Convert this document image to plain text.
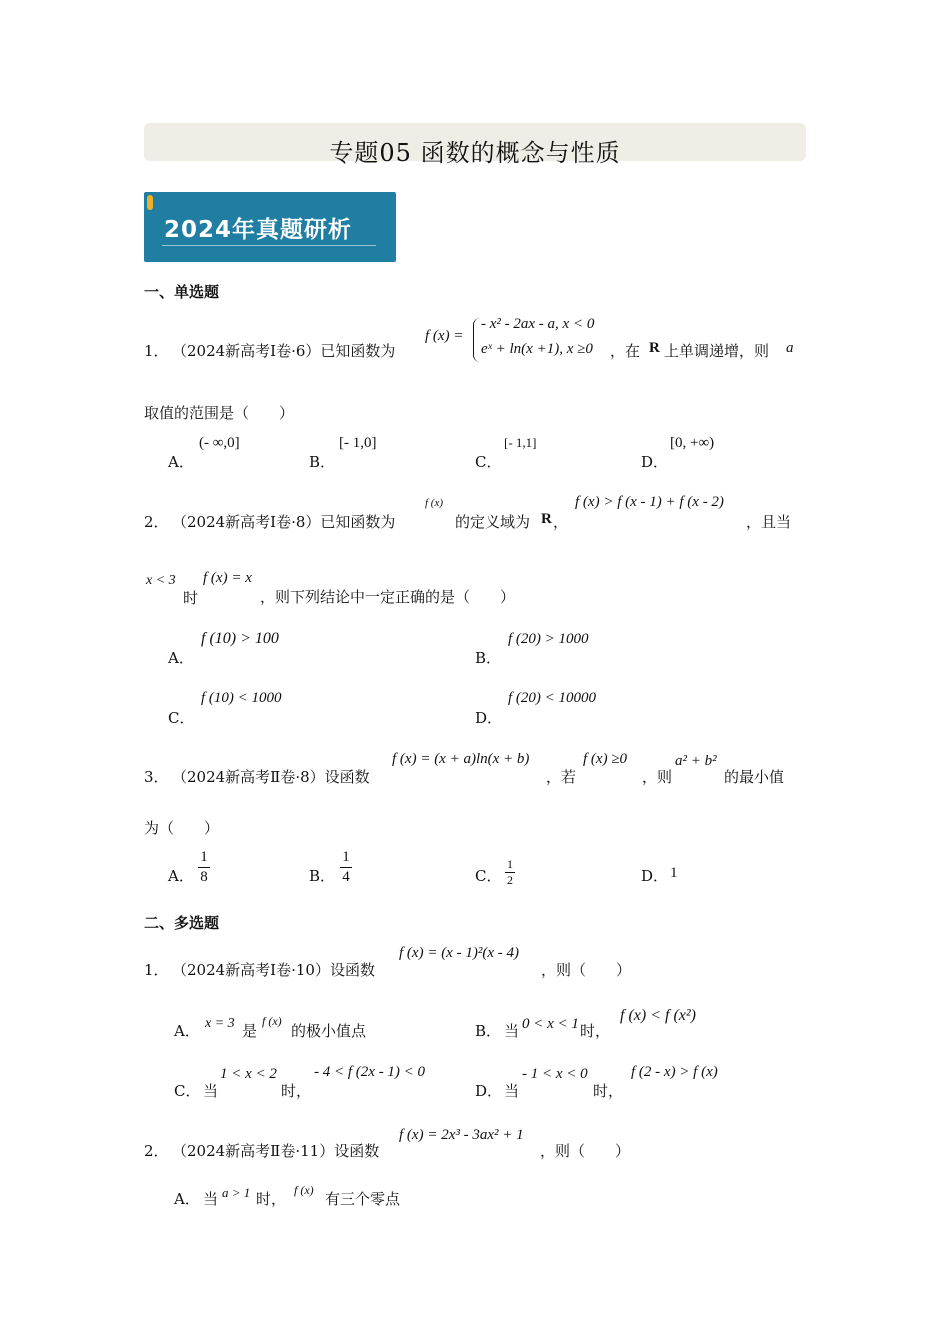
专题05 函数的概念与性质
2024年真题研析
一、单选题
1． （2024新高考Ⅰ卷·6）已知函数为
f (x) =
- x² - 2ax - a, x < 0
eˣ + ln(x +1), x ≥0 ，在 R 上单调递增，则 a
取值的范围是（　　）
A．
(- ∞,0]
B．
[- 1,0]
C．
[- 1,1]
D．
[0, +∞)
2． （2024新高考Ⅰ卷·8）已知函数为
f (x)
的定义域为 R ，
f (x) > f (x - 1) + f (x - 2)
，且当
x < 3
时
f (x) = x
，则下列结论中一定正确的是（　　）
A．
f (10) > 100
B．
f (20) > 1000
C．
f (10) < 1000
D．
f (20) < 10000
3． （2024新高考Ⅱ卷·8）设函数
f (x) = (x + a)ln(x + b)
，若
f (x) ≥0
，则
a² + b²
的最小值
为（　　）
A．
1
8	B．
1
4	C．
1
2	D． 1
二、多选题
1． （2024新高考Ⅰ卷·10）设函数
f (x) = (x - 1)²(x - 4)
，则（　　）
A． x = 3 是
f (x)
的极小值点	B． 当 0 < x < 1 时，
f (x) < f (x²)
C． 当
1 < x < 2
时，
- 4 < f (2x - 1) < 0
D． 当
- 1 < x < 0
时，
f (2 - x) > f (x)
2． （2024新高考Ⅱ卷·11）设函数
f (x) = 2x³ - 3ax² + 1
，则（　　）
A． 当 a > 1 时， f (x) 有三个零点
